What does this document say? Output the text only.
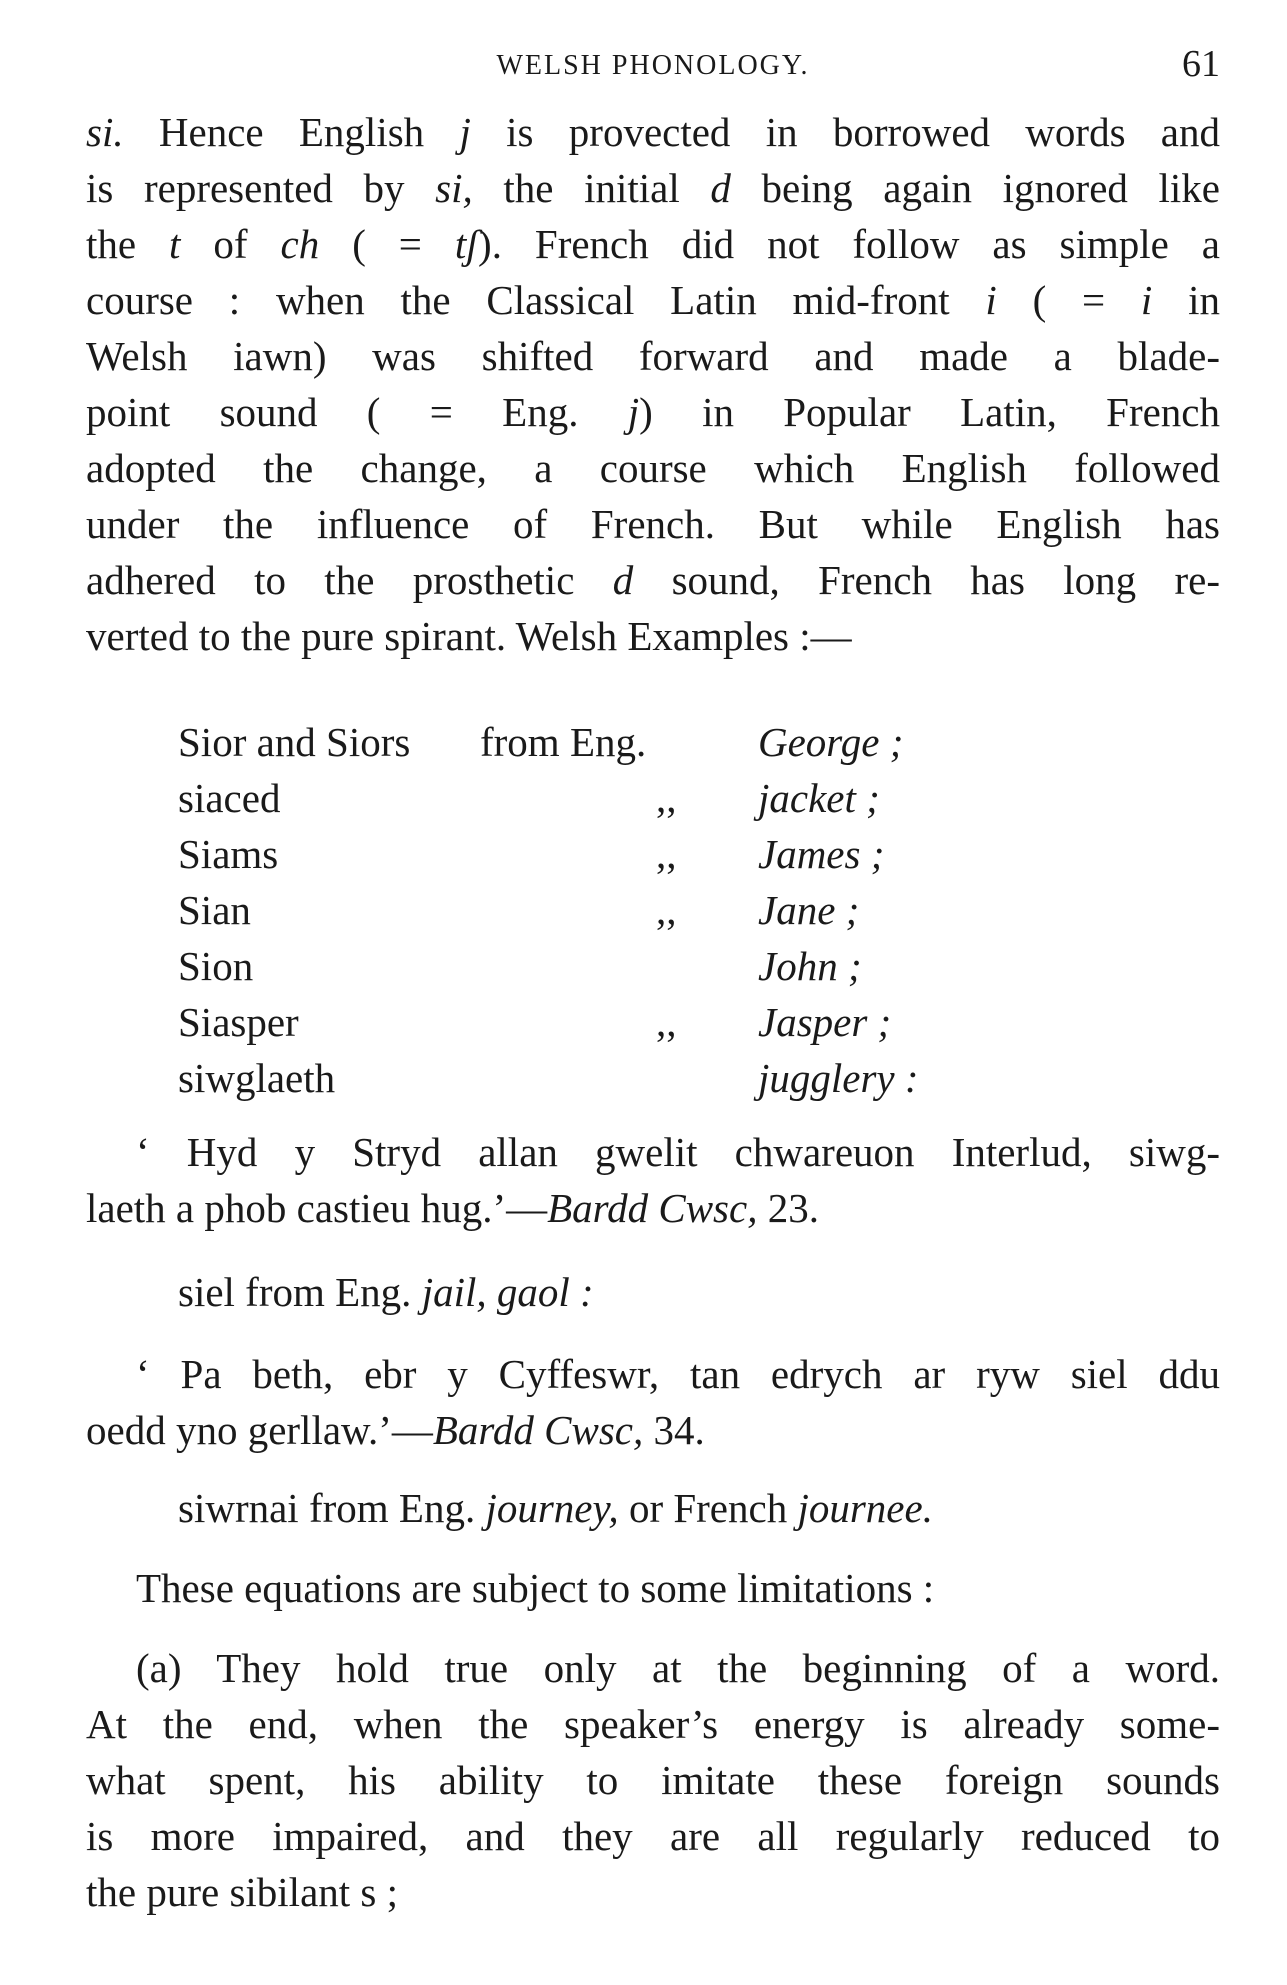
WELSH PHONOLOGY.	61
si. Hence English j is provected in borrowed words and
is represented by si, the initial d being again ignored like
the t of ch ( = tʃ). French did not follow as simple a
course : when the Classical Latin mid-front i ( = i in
Welsh iawn) was shifted forward and made a blade-
point sound ( = Eng. j) in Popular Latin, French
adopted the change, a course which English followed
under the influence of French. But while English has
adhered to the prosthetic d sound, French has long re-
verted to the pure spirant. Welsh Examples :—
Sior and Siors from Eng.	George ;
siaced	,, jacket ;
Siams	,, James ;
Sian	,, Jane ;
Sion	John ;
Siasper	,, Jasper ;
siwglaeth	jugglery :
‘ Hyd y Stryd allan gwelit chwareuon Interlud, siwg-
laeth a phob castieu hug.’—Bardd Cwsc, 23.
siel from Eng. jail, gaol :
‘ Pa beth, ebr y Cyffeswr, tan edrych ar ryw siel ddu
oedd yno gerllaw.’—Bardd Cwsc, 34.
siwrnai from Eng. journey, or French journee.
These equations are subject to some limitations :
(a) They hold true only at the beginning of a word.
At the end, when the speaker’s energy is already some-
what spent, his ability to imitate these foreign sounds
is more impaired, and they are all regularly reduced to
the pure sibilant s ;
